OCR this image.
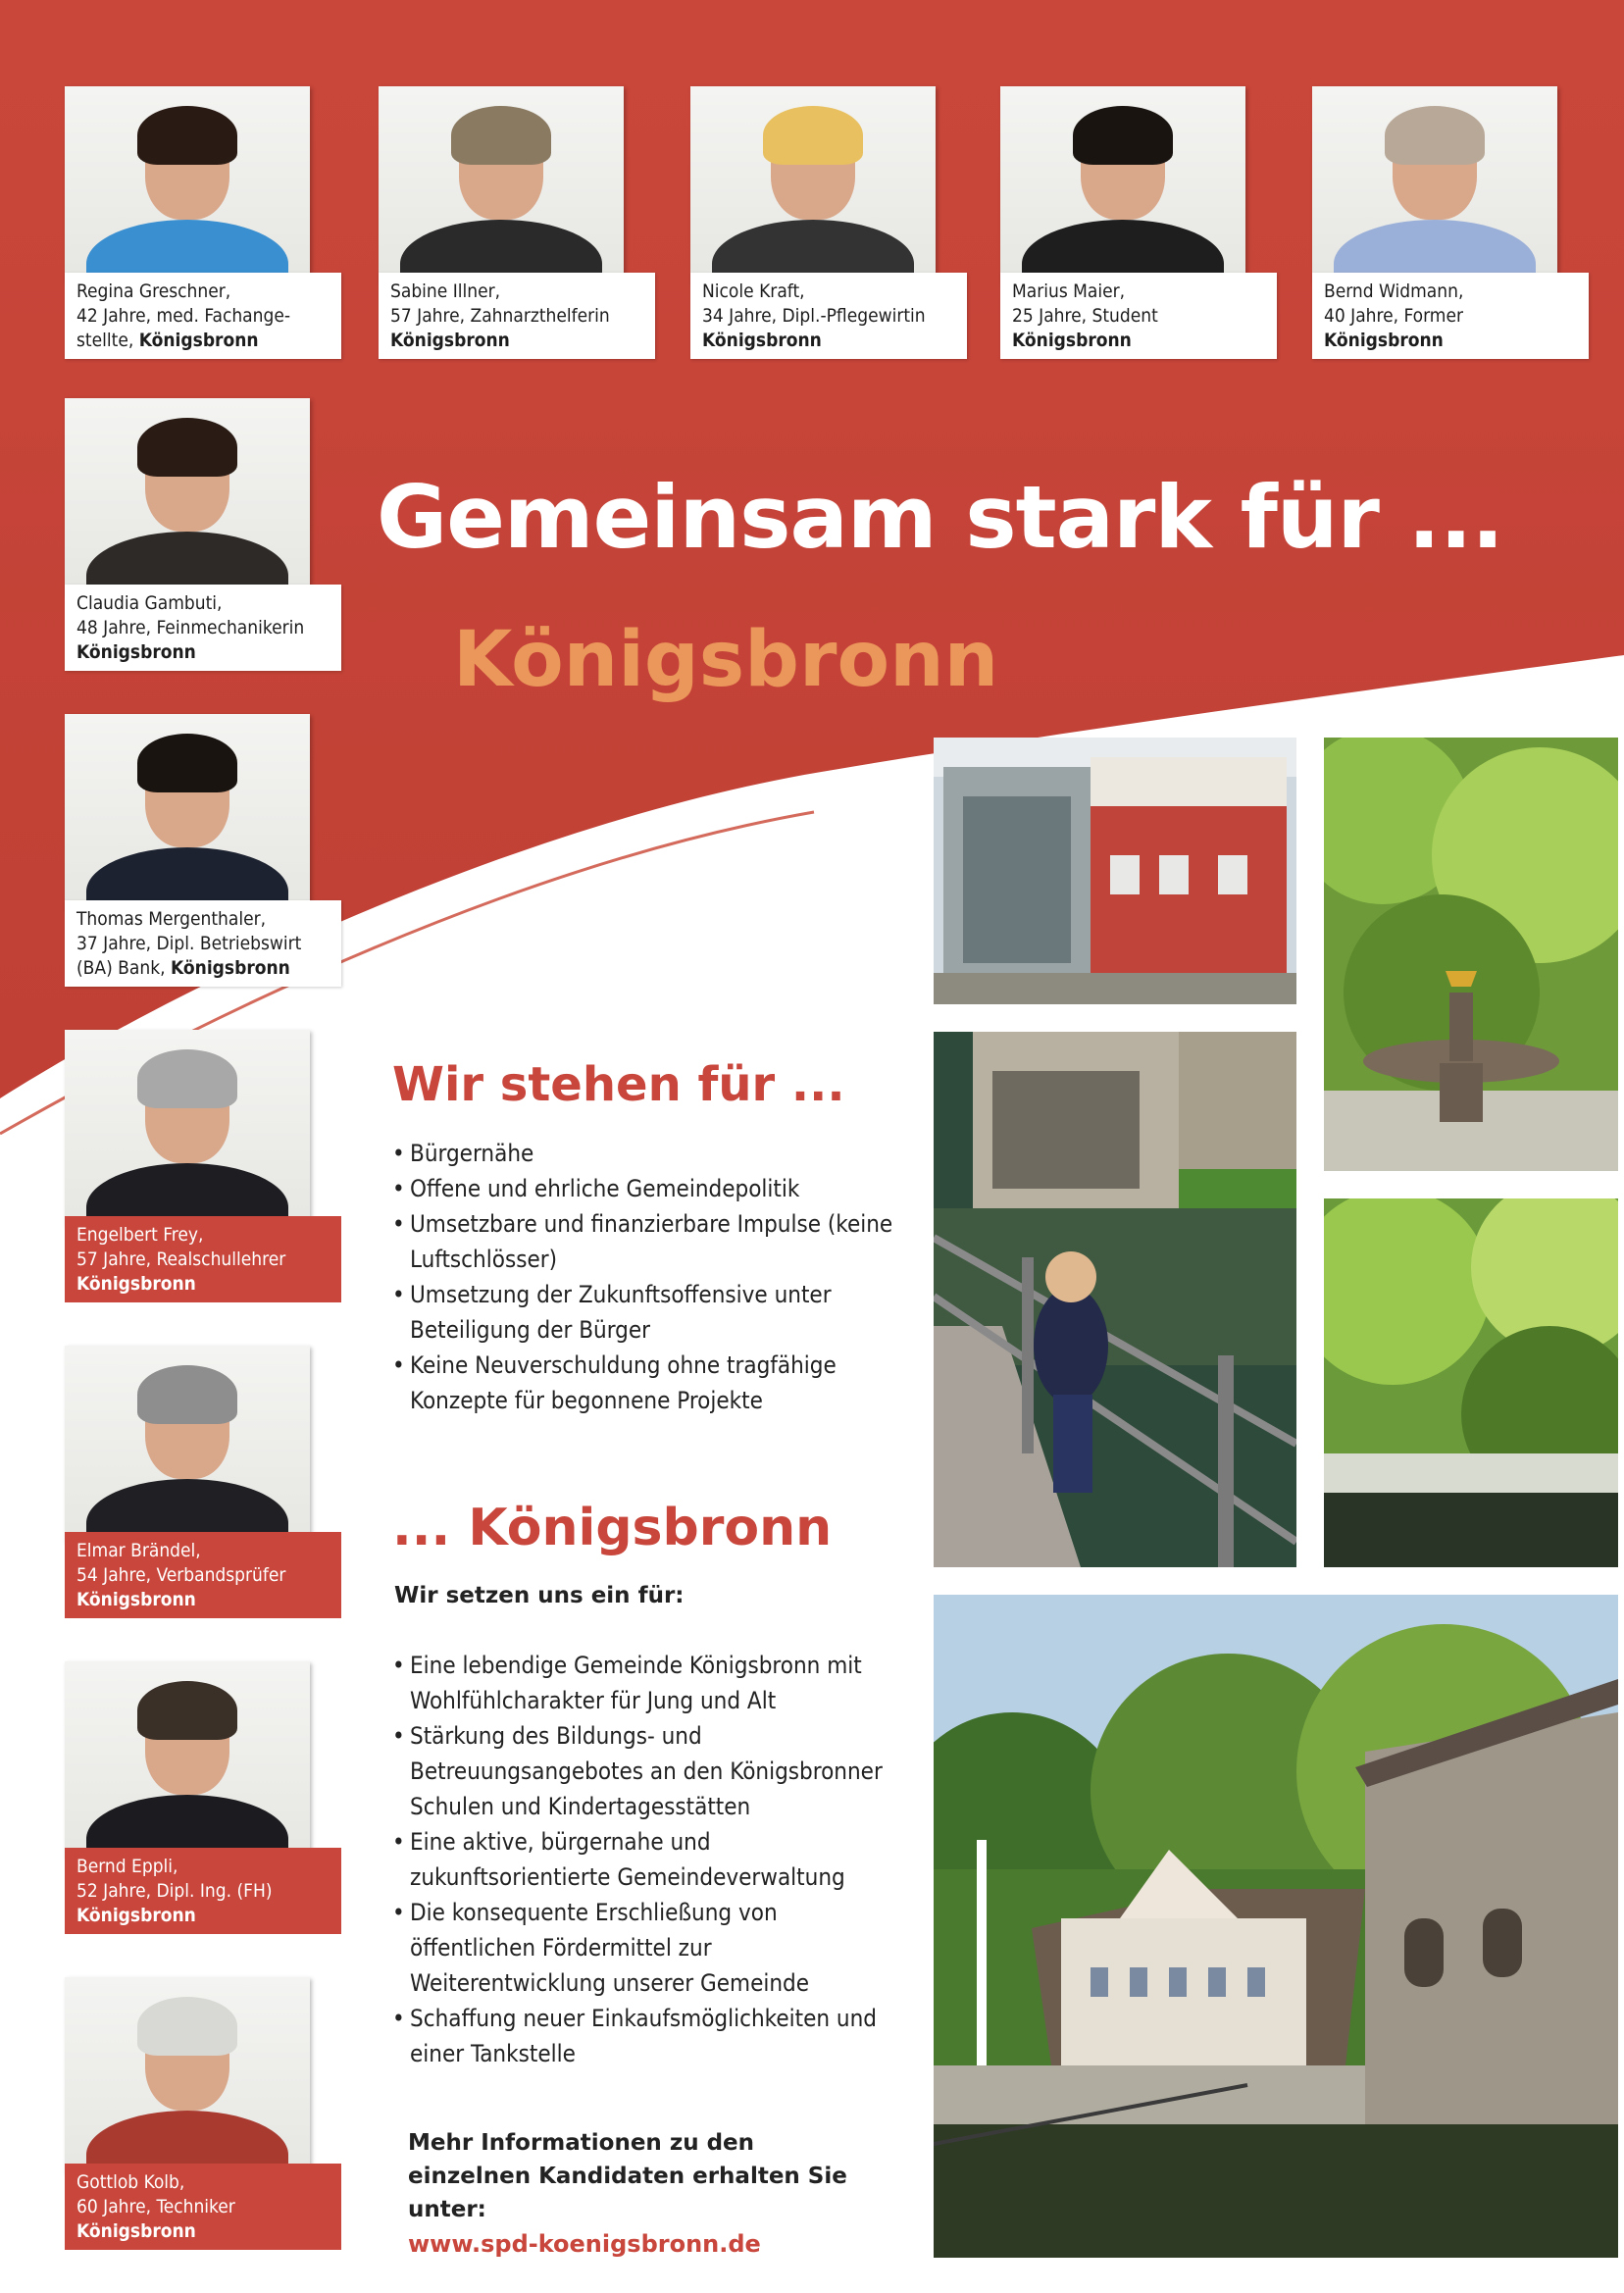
Gemeinsam stark für ...
Königsbronn
Regina Greschner,
42 Jahre, med. Fachange-
stellte, Königsbronn
Sabine Illner,
57 Jahre, Zahnarzthelferin
Königsbronn
Nicole Kraft,
34 Jahre, Dipl.-Pflegewirtin
Königsbronn
Marius Maier,
25 Jahre, Student
Königsbronn
Bernd Widmann,
40 Jahre, Former
Königsbronn
Claudia Gambuti,
48 Jahre, Feinmechanikerin
Königsbronn
Thomas Mergenthaler,
37 Jahre, Dipl. Betriebswirt
(BA) Bank, Königsbronn
Engelbert Frey,
57 Jahre, Realschullehrer
Königsbronn
Elmar Brändel,
54 Jahre, Verbandsprüfer
Königsbronn
Bernd Eppli,
52 Jahre, Dipl. Ing. (FH)
Königsbronn
Gottlob Kolb,
60 Jahre, Techniker
Königsbronn
Wir stehen für ...
• Bürgernähe
• Offene und ehrliche Gemeindepolitik
• Umsetzbare und finanzierbare Impulse (keine Luftschlösser)
• Umsetzung der Zukunftsoffensive unter Beteiligung der Bürger
• Keine Neuverschuldung ohne tragfähige Konzepte für begonnene Projekte
... Königsbronn

Wir setzen uns ein für:

• Eine lebendige Gemeinde Königsbronn mit Wohlfühlcharakter für Jung und Alt
• Stärkung des Bildungs- und Betreuungsangebotes an den Königsbronner Schulen und Kindertagesstätten
• Eine aktive, bürgernahe und zukunftsorientierte Gemeindeverwaltung
• Die konsequente Erschließung von öffentlichen Fördermittel zur Weiterentwicklung unserer Gemeinde
• Schaffung neuer Einkaufsmöglichkeiten und einer Tankstelle

Mehr Informationen zu den einzelnen Kandidaten erhalten Sie unter:

www.spd-koenigsbronn.de
